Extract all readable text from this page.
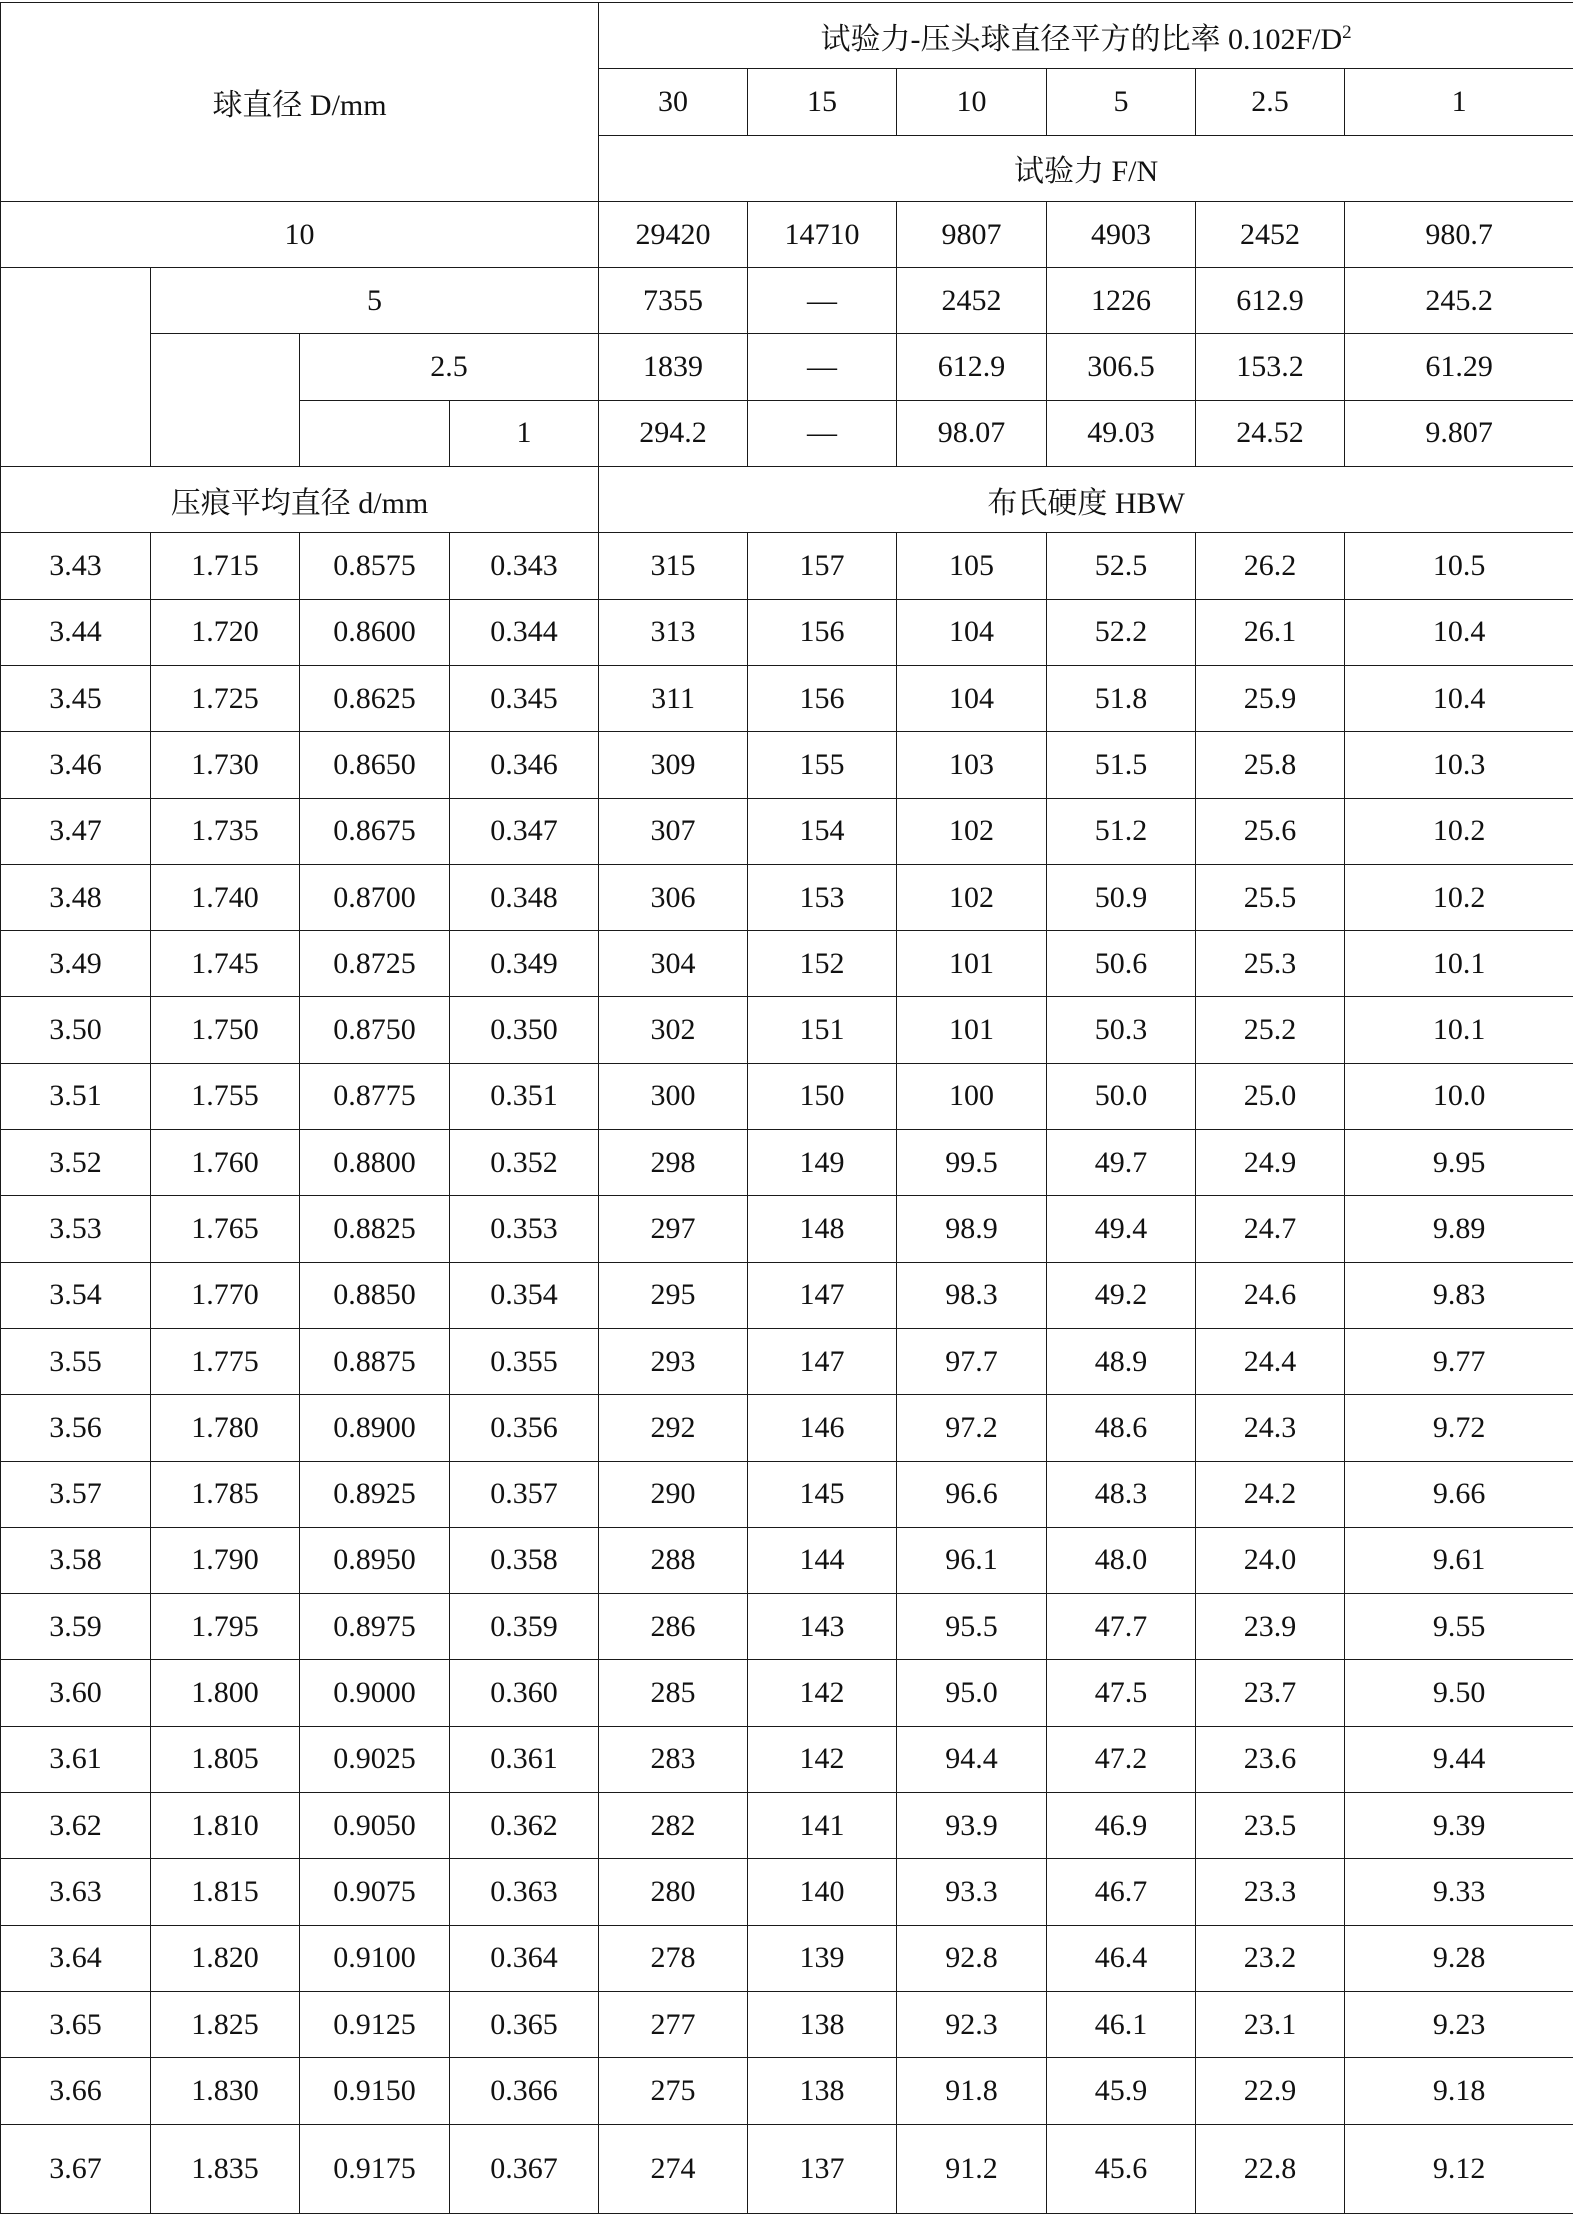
球直径 D/mm				试验力-压头球直径平方的比率 $0.102F/D^2$
				30	15	10	5	2.5	1
				试验力 F/N					
10				29420	14710	9807	4903	2452	980.7
	5			7355	—	2452	1226	612.9	245.2
		2.5		1839	—	612.9	306.5	153.2	61.29
			1	294.2	—	98.07	49.03	24.52	9.807
压痕平均直径 d/mm				布氏硬度 HBW					
3.43	1.715	0.8575	0.343	315	157	105	52.5	26.2	10.5
3.44	1.720	0.8600	0.344	313	156	104	52.2	26.1	10.4
3.45	1.725	0.8625	0.345	311	156	104	51.8	25.9	10.4
3.46	1.730	0.8650	0.346	309	155	103	51.5	25.8	10.3
3.47	1.735	0.8675	0.347	307	154	102	51.2	25.6	10.2
3.48	1.740	0.8700	0.348	306	153	102	50.9	25.5	10.2
3.49	1.745	0.8725	0.349	304	152	101	50.6	25.3	10.1
3.50	1.750	0.8750	0.350	302	151	101	50.3	25.2	10.1
3.51	1.755	0.8775	0.351	300	150	100	50.0	25.0	10.0
3.52	1.760	0.8800	0.352	298	149	99.5	49.7	24.9	9.95
3.53	1.765	0.8825	0.353	297	148	98.9	49.4	24.7	9.89
3.54	1.770	0.8850	0.354	295	147	98.3	49.2	24.6	9.83
3.55	1.775	0.8875	0.355	293	147	97.7	48.9	24.4	9.77
3.56	1.780	0.8900	0.356	292	146	97.2	48.6	24.3	9.72
3.57	1.785	0.8925	0.357	290	145	96.6	48.3	24.2	9.66
3.58	1.790	0.8950	0.358	288	144	96.1	48.0	24.0	9.61
3.59	1.795	0.8975	0.359	286	143	95.5	47.7	23.9	9.55
3.60	1.800	0.9000	0.360	285	142	95.0	47.5	23.7	9.50
3.61	1.805	0.9025	0.361	283	142	94.4	47.2	23.6	9.44
3.62	1.810	0.9050	0.362	282	141	93.9	46.9	23.5	9.39
3.63	1.815	0.9075	0.363	280	140	93.3	46.7	23.3	9.33
3.64	1.820	0.9100	0.364	278	139	92.8	46.4	23.2	9.28
3.65	1.825	0.9125	0.365	277	138	92.3	46.1	23.1	9.23
3.66	1.830	0.9150	0.366	275	138	91.8	45.9	22.9	9.18
3.67	1.835	0.9175	0.367	274	137	91.2	45.6	22.8	9.12
